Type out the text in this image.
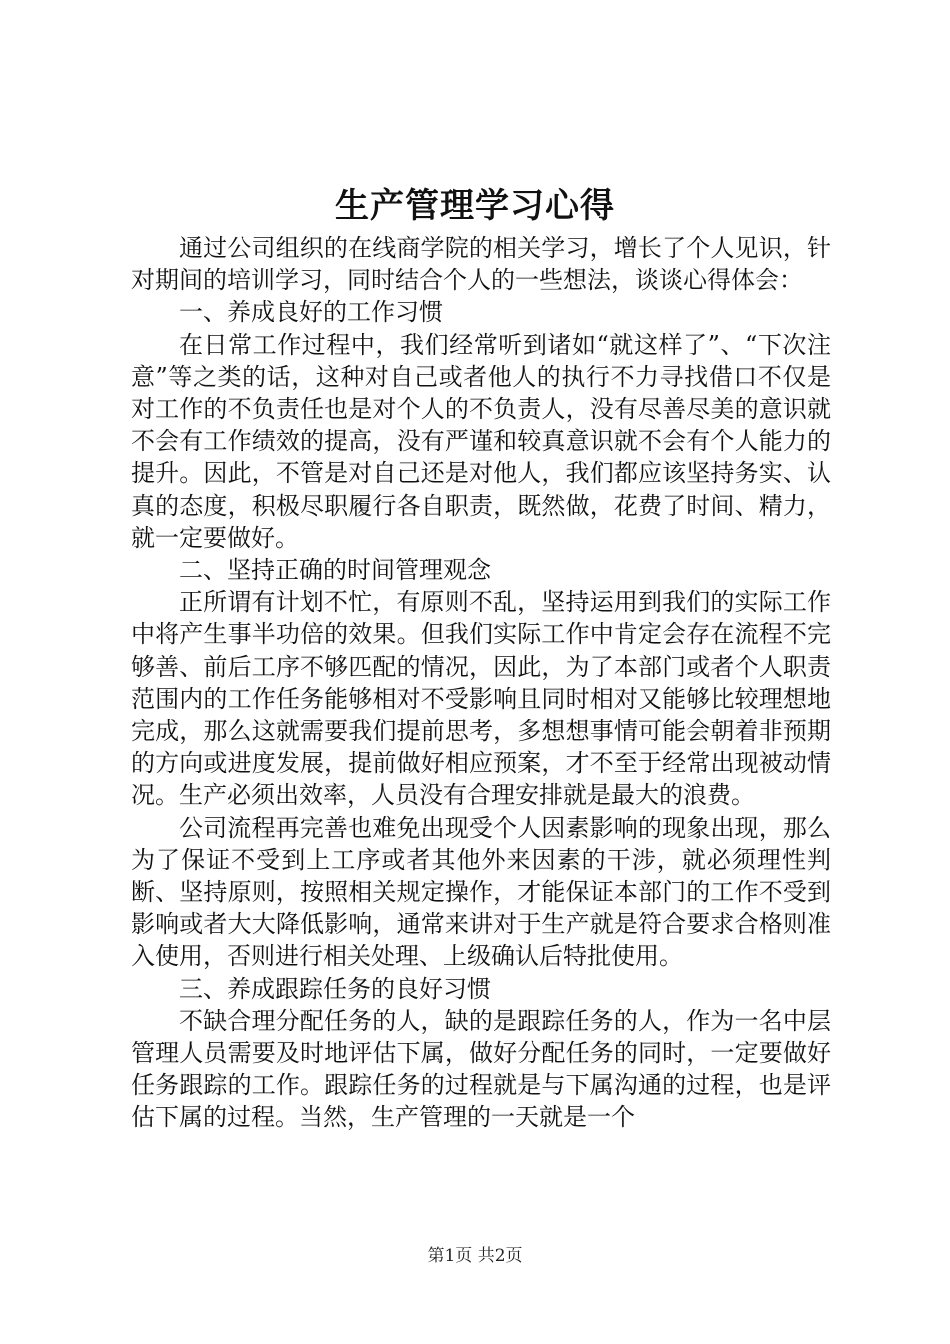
生产管理学习心得

通过公司组织的在线商学院的相关学习，增长了个人见识，针对期间的培训学习，同时结合个人的一些想法，谈谈心得体会：

一、养成良好的工作习惯

在日常工作过程中，我们经常听到诸如“就这样了”、“下次注意”等之类的话，这种对自己或者他人的执行不力寻找借口不仅是对工作的不负责任也是对个人的不负责人，没有尽善尽美的意识就不会有工作绩效的提高，没有严谨和较真意识就不会有个人能力的提升。因此，不管是对自己还是对他人，我们都应该坚持务实、认真的态度，积极尽职履行各自职责，既然做，花费了时间、精力，就一定要做好。

二、坚持正确的时间管理观念

正所谓有计划不忙，有原则不乱，坚持运用到我们的实际工作中将产生事半功倍的效果。但我们实际工作中肯定会存在流程不完够善、前后工序不够匹配的情况，因此，为了本部门或者个人职责范围内的工作任务能够相对不受影响且同时相对又能够比较理想地完成，那么这就需要我们提前思考，多想想事情可能会朝着非预期的方向或进度发展，提前做好相应预案，才不至于经常出现被动情况。生产必须出效率，人员没有合理安排就是最大的浪费。

公司流程再完善也难免出现受个人因素影响的现象出现，那么为了保证不受到上工序或者其他外来因素的干涉，就必须理性判断、坚持原则，按照相关规定操作，才能保证本部门的工作不受到影响或者大大降低影响，通常来讲对于生产就是符合要求合格则准入使用，否则进行相关处理、上级确认后特批使用。

三、养成跟踪任务的良好习惯

不缺合理分配任务的人，缺的是跟踪任务的人，作为一名中层管理人员需要及时地评估下属，做好分配任务的同时，一定要做好任务跟踪的工作。跟踪任务的过程就是与下属沟通的过程，也是评估下属的过程。当然，生产管理的一天就是一个

第1页 共2页
